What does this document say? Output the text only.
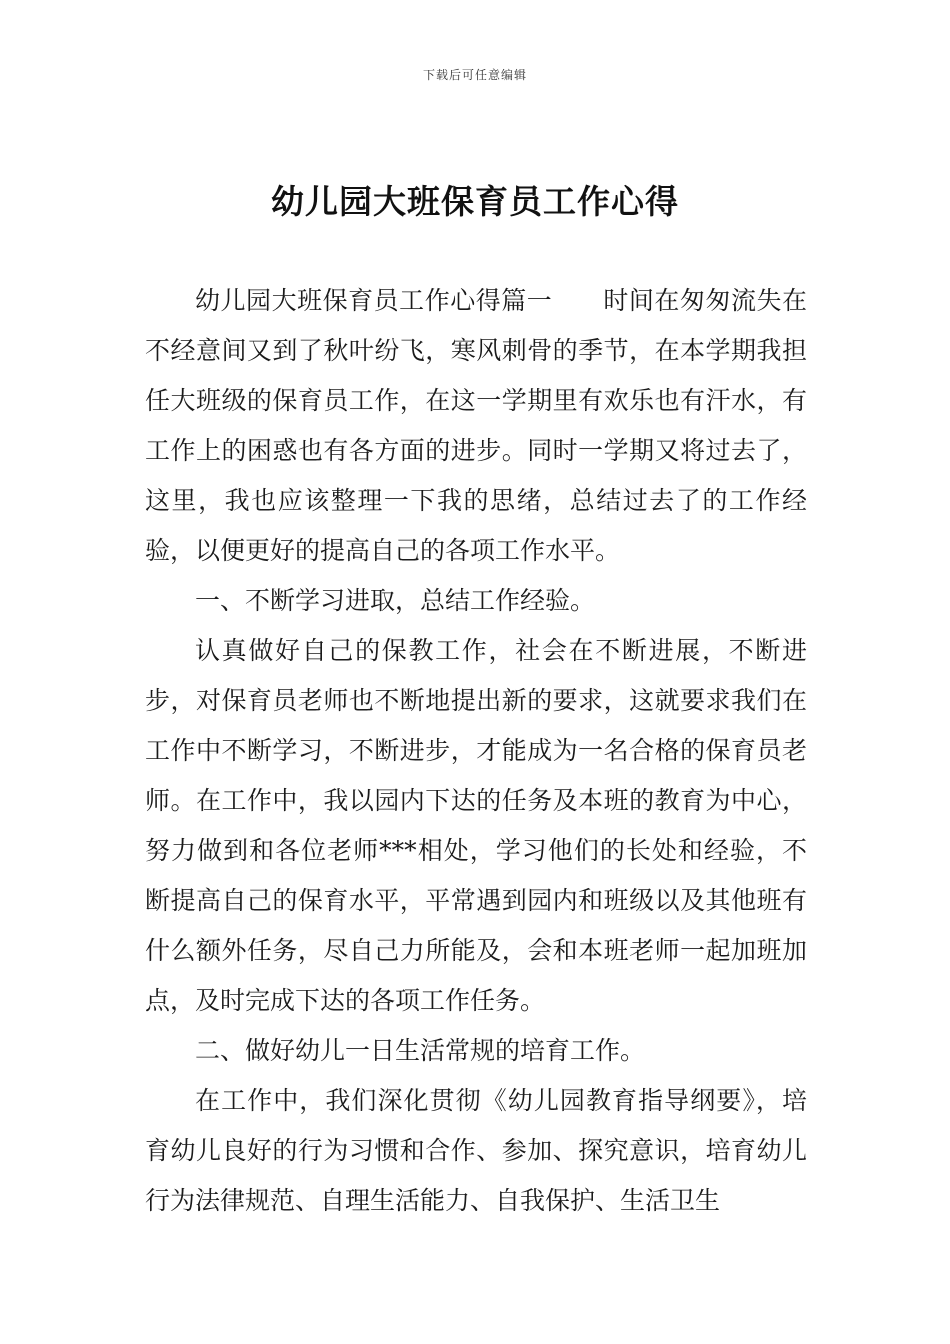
下载后可任意编辑
幼儿园大班保育员工作心得

幼儿园大班保育员工作心得篇一　　时间在匆匆流失在不经意间又到了秋叶纷飞，寒风刺骨的季节，在本学期我担任大班级的保育员工作，在这一学期里有欢乐也有汗水，有工作上的困惑也有各方面的进步。同时一学期又将过去了，这里，我也应该整理一下我的思绪，总结过去了的工作经验，以便更好的提高自己的各项工作水平。

一、不断学习进取，总结工作经验。

认真做好自己的保教工作，社会在不断进展，不断进步，对保育员老师也不断地提出新的要求，这就要求我们在工作中不断学习，不断进步，才能成为一名合格的保育员老师。在工作中，我以园内下达的任务及本班的教育为中心，努力做到和各位老师***相处，学习他们的长处和经验，不断提高自己的保育水平，平常遇到园内和班级以及其他班有什么额外任务，尽自己力所能及，会和本班老师一起加班加点，及时完成下达的各项工作任务。

二、做好幼儿一日生活常规的培育工作。

在工作中，我们深化贯彻《幼儿园教育指导纲要》，培育幼儿良好的行为习惯和合作、参加、探究意识，培育幼儿行为法律规范、自理生活能力、自我保护、生活卫生
